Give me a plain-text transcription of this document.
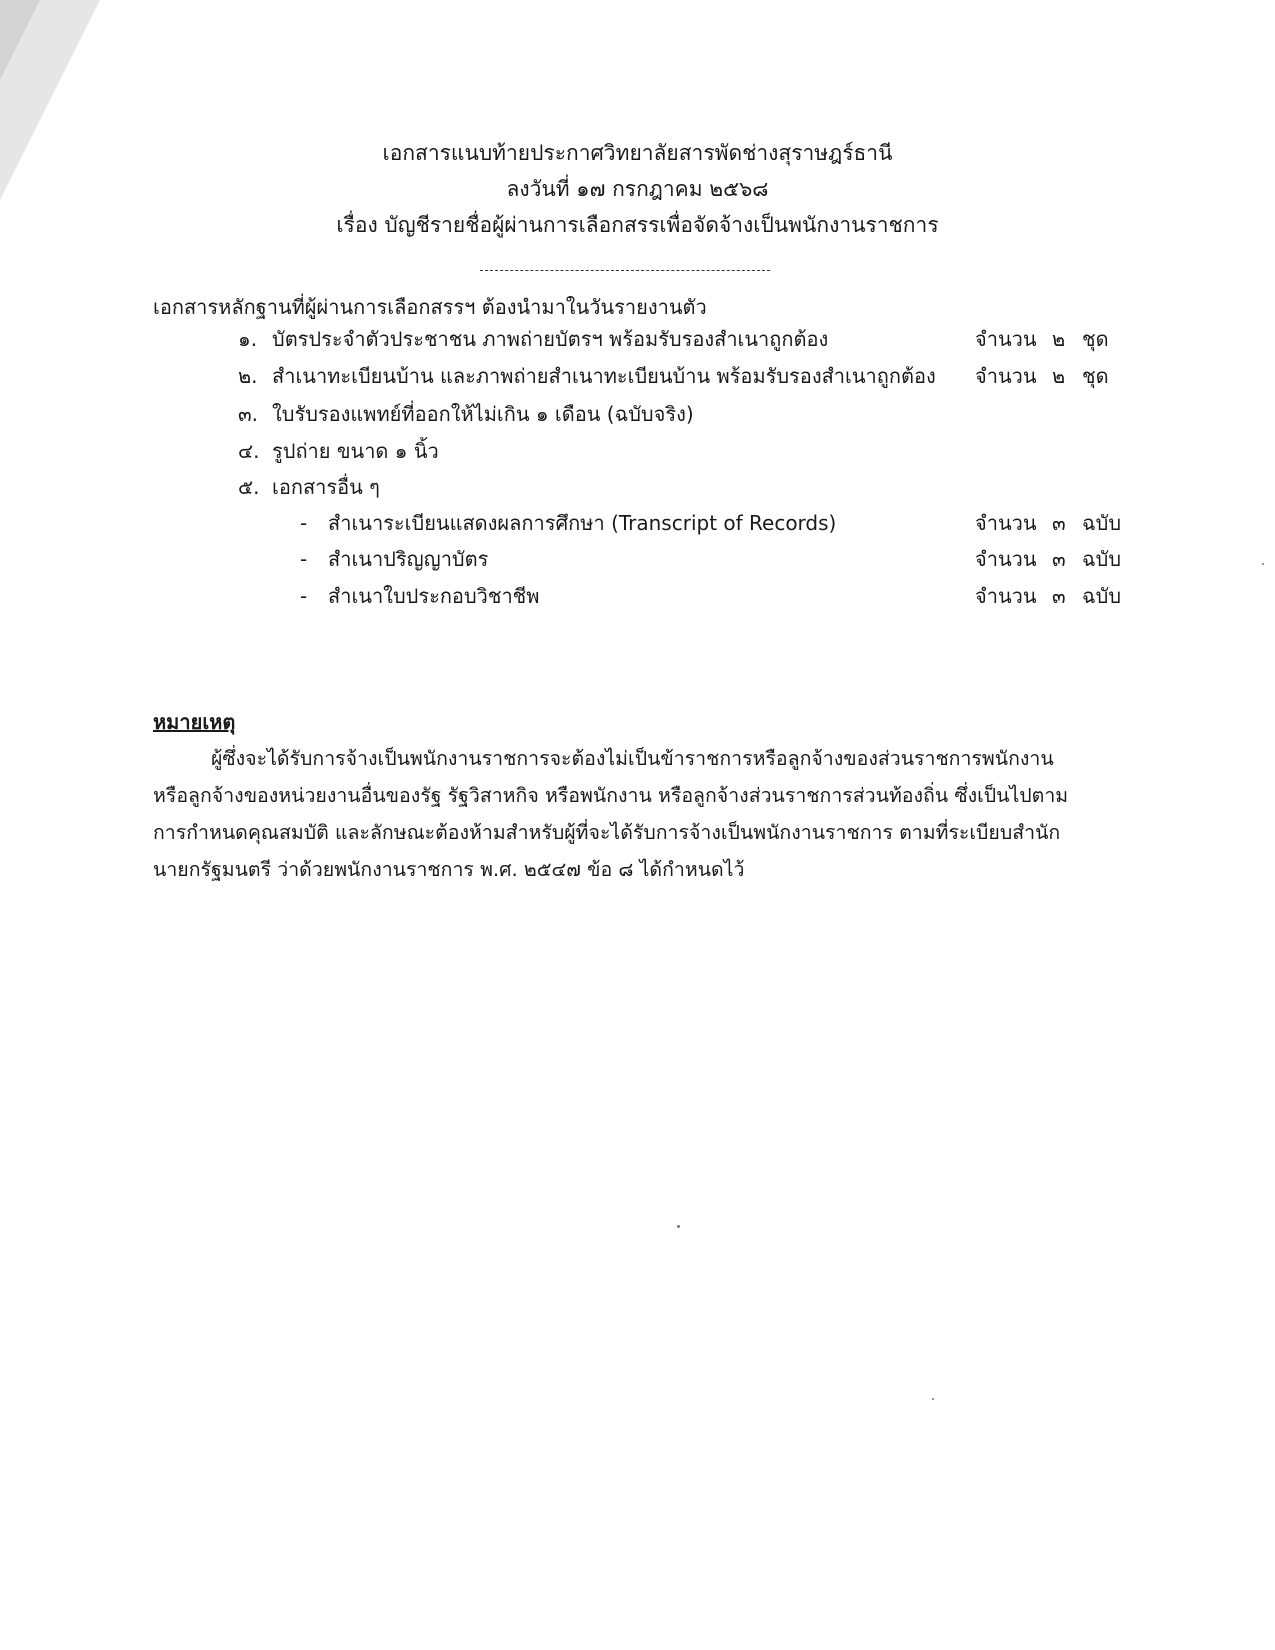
เอกสารแนบท้ายประกาศวิทยาลัยสารพัดช่างสุราษฎร์ธานี
ลงวันที่ ๑๗ กรกฎาคม ๒๕๖๘
เรื่อง บัญชีรายชื่อผู้ผ่านการเลือกสรรเพื่อจัดจ้างเป็นพนักงานราชการ
เอกสารหลักฐานที่ผู้ผ่านการเลือกสรรฯ ต้องนำมาในวันรายงานตัว
๑. บัตรประจำตัวประชาชน ภาพถ่ายบัตรฯ พร้อมรับรองสำเนาถูกต้อง	จำนวน ๒ ชุด
๒. สำเนาทะเบียนบ้าน และภาพถ่ายสำเนาทะเบียนบ้าน พร้อมรับรองสำเนาถูกต้อง จำนวน ๒ ชุด
๓. ใบรับรองแพทย์ที่ออกให้ไม่เกิน ๑ เดือน (ฉบับจริง)
๔. รูปถ่าย ขนาด ๑ นิ้ว
๕. เอกสารอื่น ๆ
- สำเนาระเบียนแสดงผลการศึกษา (Transcript of Records)	จำนวน ๓ ฉบับ
- สำเนาปริญญาบัตร	จำนวน ๓ ฉบับ
- สำเนาใบประกอบวิชาชีพ	จำนวน ๓ ฉบับ
หมายเหตุ
ผู้ซึ่งจะได้รับการจ้างเป็นพนักงานราชการจะต้องไม่เป็นข้าราชการหรือลูกจ้างของส่วนราชการพนักงาน
หรือลูกจ้างของหน่วยงานอื่นของรัฐ รัฐวิสาหกิจ หรือพนักงาน หรือลูกจ้างส่วนราชการส่วนท้องถิ่น ซึ่งเป็นไปตาม
การกำหนดคุณสมบัติ และลักษณะต้องห้ามสำหรับผู้ที่จะได้รับการจ้างเป็นพนักงานราชการ ตามที่ระเบียบสำนัก
นายกรัฐมนตรี ว่าด้วยพนักงานราชการ พ.ศ. ๒๕๔๗ ข้อ ๘ ได้กำหนดไว้
